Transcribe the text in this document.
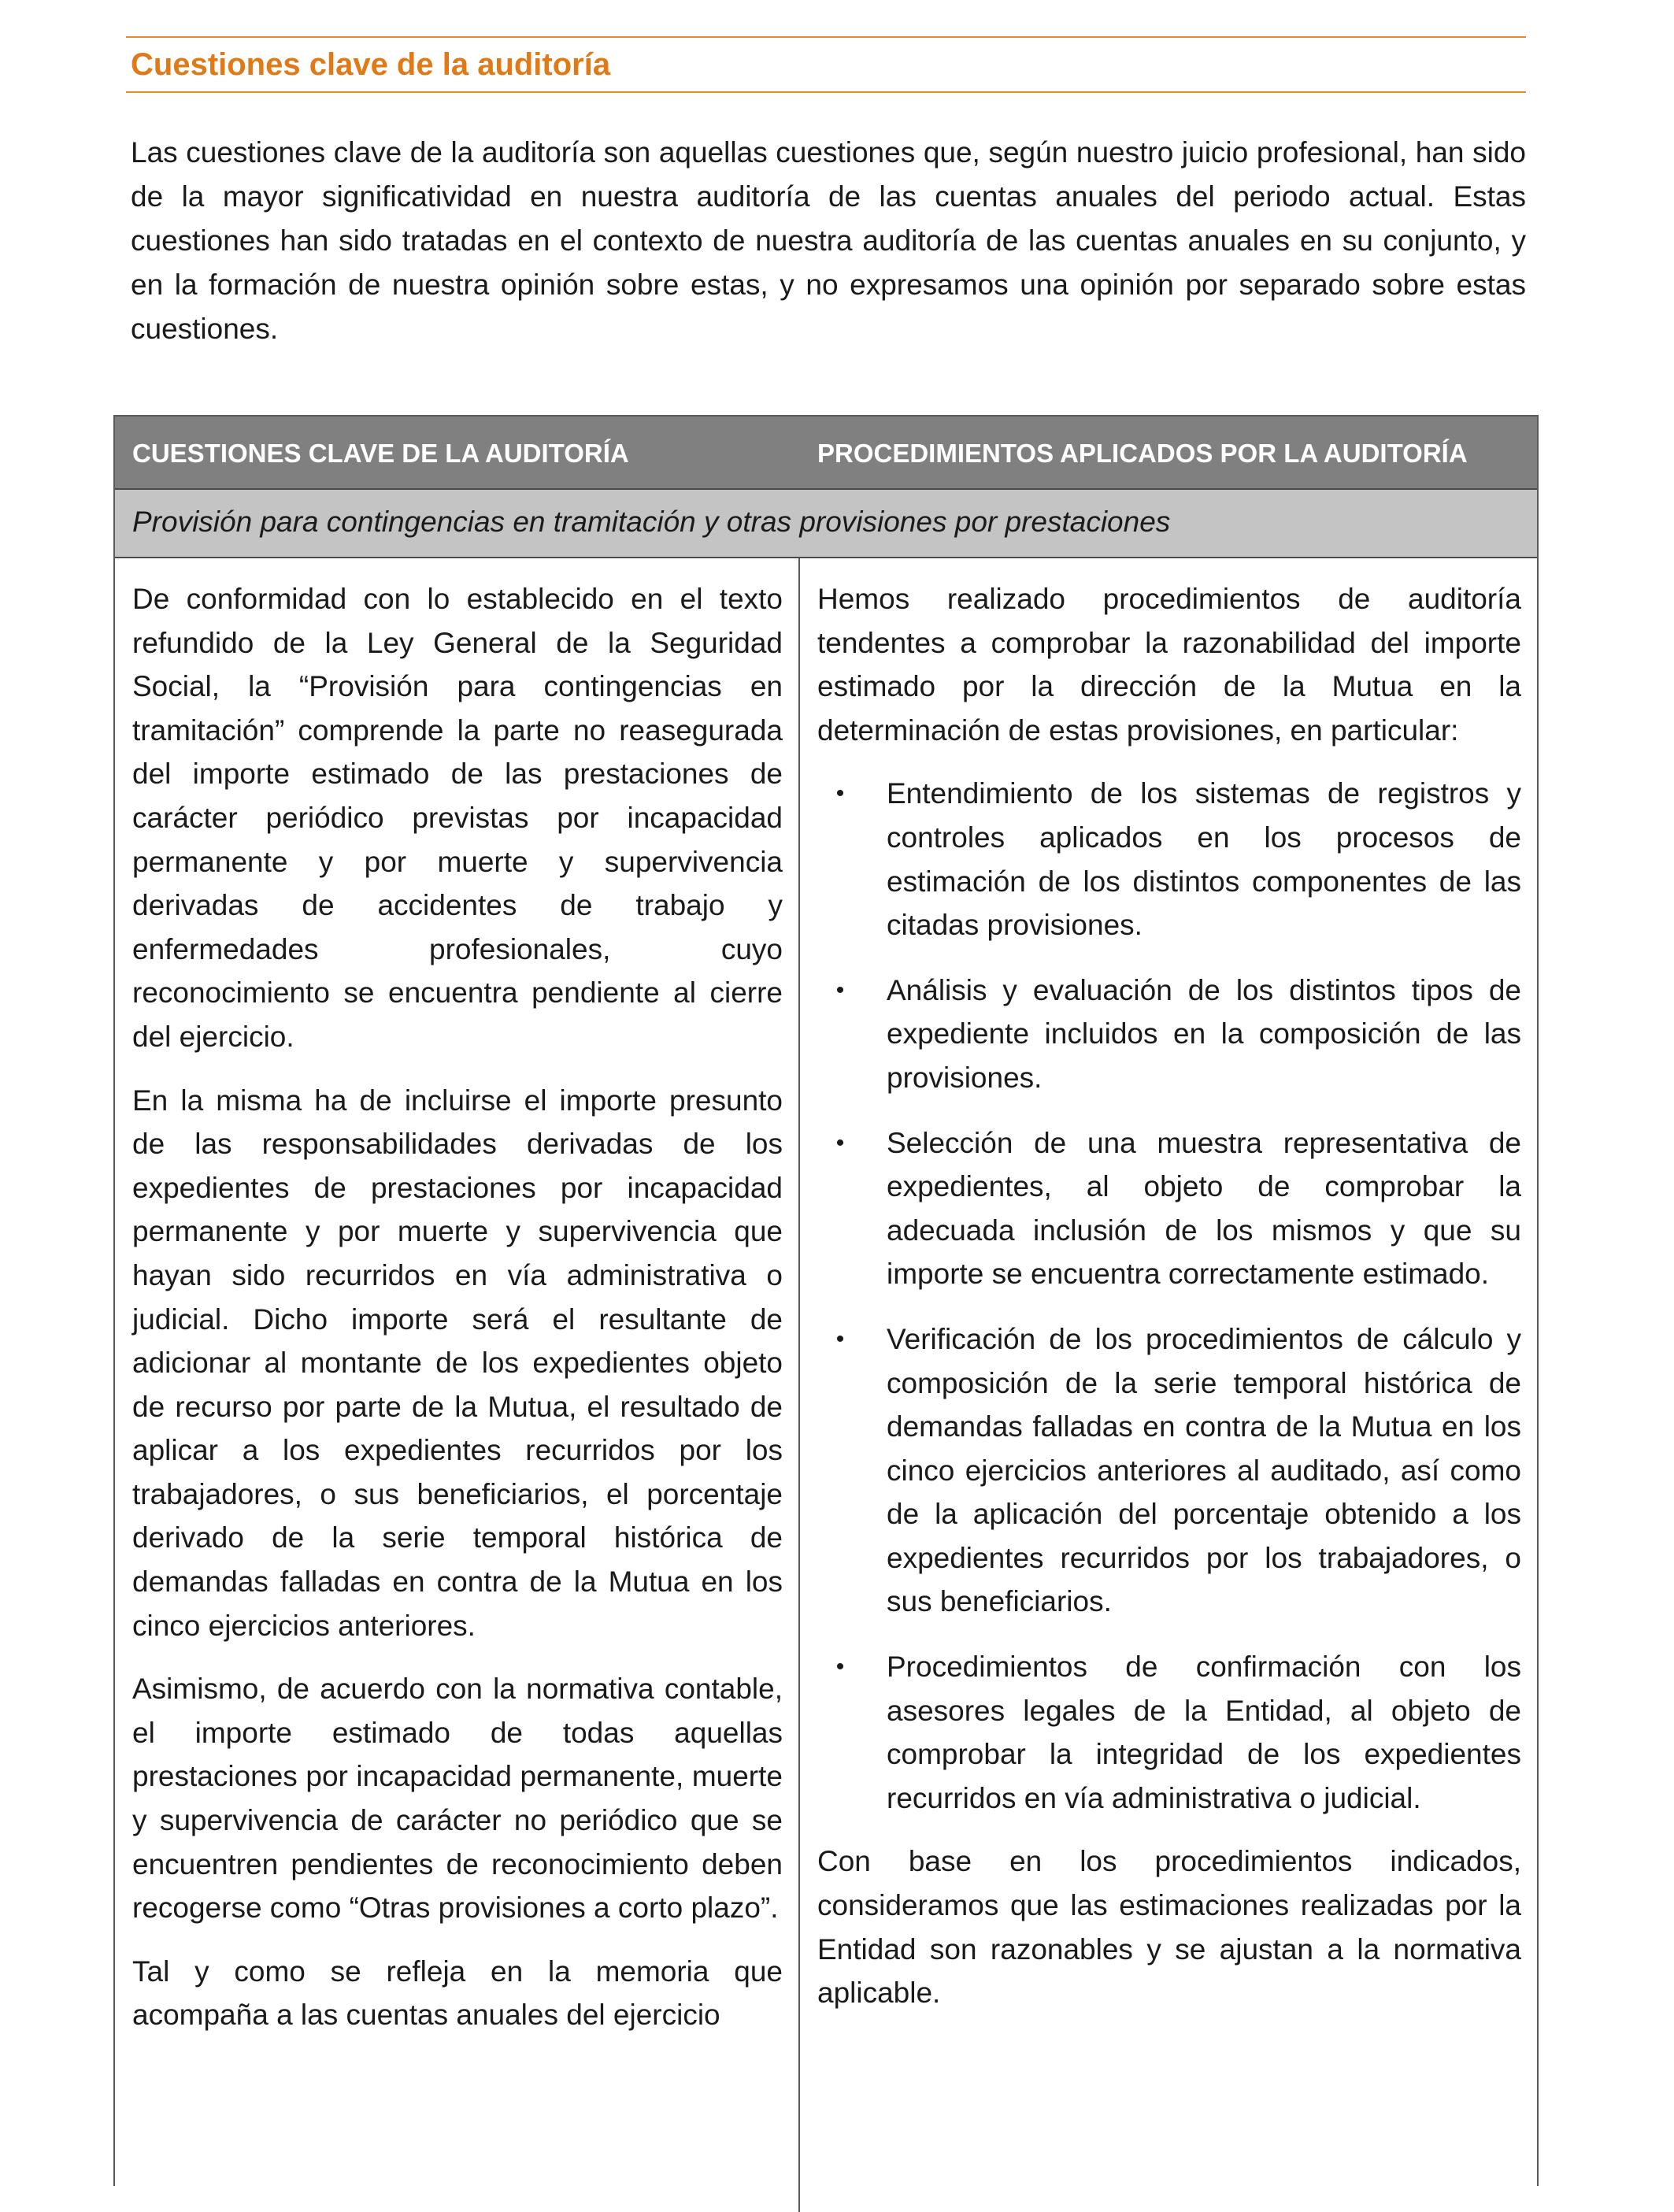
Cuestiones clave de la auditoría

Las cuestiones clave de la auditoría son aquellas cuestiones que, según nuestro juicio profesional, han sido de la mayor significatividad en nuestra auditoría de las cuentas anuales del periodo actual. Estas cuestiones han sido tratadas en el contexto de nuestra auditoría de las cuentas anuales en su conjunto, y en la formación de nuestra opinión sobre estas, y no expresamos una opinión por separado sobre estas cuestiones.

CUESTIONES CLAVE DE LA AUDITORÍA	PROCEDIMIENTOS APLICADOS POR LA AUDITORÍA
Provisión para contingencias en tramitación y otras provisiones por prestaciones

De conformidad con lo establecido en el texto refundido de la Ley General de la Seguridad Social, la “Provisión para contingencias en tramitación” comprende la parte no reasegurada del importe estimado de las prestaciones de carácter periódico previstas por incapacidad permanente y por muerte y supervivencia derivadas de accidentes de trabajo y enfermedades profesionales, cuyo reconocimiento se encuentra pendiente al cierre del ejercicio.

En la misma ha de incluirse el importe presunto de las responsabilidades derivadas de los expedientes de prestaciones por incapacidad permanente y por muerte y supervivencia que hayan sido recurridos en vía administrativa o judicial. Dicho importe será el resultante de adicionar al montante de los expedientes objeto de recurso por parte de la Mutua, el resultado de aplicar a los expedientes recurridos por los trabajadores, o sus beneficiarios, el porcentaje derivado de la serie temporal histórica de demandas falladas en contra de la Mutua en los cinco ejercicios anteriores.

Asimismo, de acuerdo con la normativa contable, el importe estimado de todas aquellas prestaciones por incapacidad permanente, muerte y supervivencia de carácter no periódico que se encuentren pendientes de reconocimiento deben recogerse como “Otras provisiones a corto plazo”.

Tal y como se refleja en la memoria que acompaña a las cuentas anuales del ejercicio

Hemos realizado procedimientos de auditoría tendentes a comprobar la razonabilidad del importe estimado por la dirección de la Mutua en la determinación de estas provisiones, en particular:

• Entendimiento de los sistemas de registros y controles aplicados en los procesos de estimación de los distintos componentes de las citadas provisiones.
• Análisis y evaluación de los distintos tipos de expediente incluidos en la composición de las provisiones.
• Selección de una muestra representativa de expedientes, al objeto de comprobar la adecuada inclusión de los mismos y que su importe se encuentra correctamente estimado.
• Verificación de los procedimientos de cálculo y composición de la serie temporal histórica de demandas falladas en contra de la Mutua en los cinco ejercicios anteriores al auditado, así como de la aplicación del porcentaje obtenido a los expedientes recurridos por los trabajadores, o sus beneficiarios.
• Procedimientos de confirmación con los asesores legales de la Entidad, al objeto de comprobar la integridad de los expedientes recurridos en vía administrativa o judicial.

Con base en los procedimientos indicados, consideramos que las estimaciones realizadas por la Entidad son razonables y se ajustan a la normativa aplicable.
